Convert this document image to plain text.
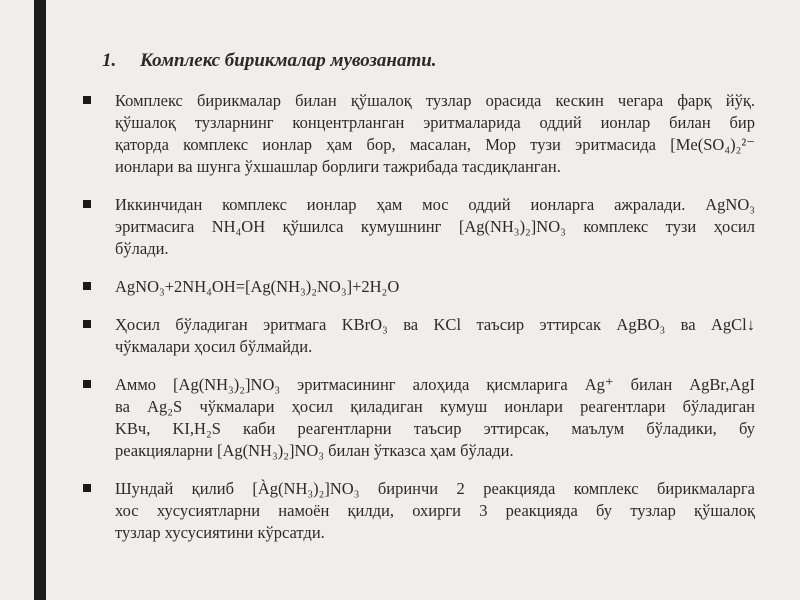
1. Комплекс бирикмалар мувозанати.
Комплекс бирикмалар билан қўшалоқ тузлар орасида кескин чегара фарқ йўқ.
қўшалоқ тузларнинг концентрланган эритмаларида оддий ионлар билан бир
қаторда комплекс ионлар ҳам бор, масалан, Мор тузи эритмасида [Me(SO₄)₂²⁻
ионлари ва шунга ўхшашлар борлиги тажрибада тасдиқланган.
Иккинчидан комплекс ионлар ҳам мос оддий ионларга ажралади. AgNO₃
эритмасига NH₄OH қўшилса кумушнинг [Ag(NH₃)₂]NO₃ комплекс тузи ҳосил
бўлади.
AgNO₃+2NH₄OH=[Ag(NH₃)₂NO₃]+2H₂O
Ҳосил бўладиган эритмага KBrO₃ ва KCl таъсир эттирсак AgBO₃ ва AgCl↓
чўкмалари ҳосил бўлмайди.
Аммо [Ag(NH₃)₂]NO₃ эритмасининг алоҳида қисмларига Ag⁺ билан AgBr,AgI
ва Ag₂S чўкмалари ҳосил қиладиган кумуш ионлари реагентлари бўладиган
KBч, KI,H₂S каби реагентларни таъсир эттирсак, маълум бўладики, бу
реакцияларни [Ag(NH₃)₂]NO₃ билан ўтказса ҳам бўлади.
Шундай қилиб [Àg(NH₃)₂]NO₃ биринчи 2 реакцияда комплекс бирикмаларга
хос хусусиятларни намоён қилди, охирги 3 реакцияда бу тузлар қўшалоқ
тузлар хусусиятини кўрсатди.
